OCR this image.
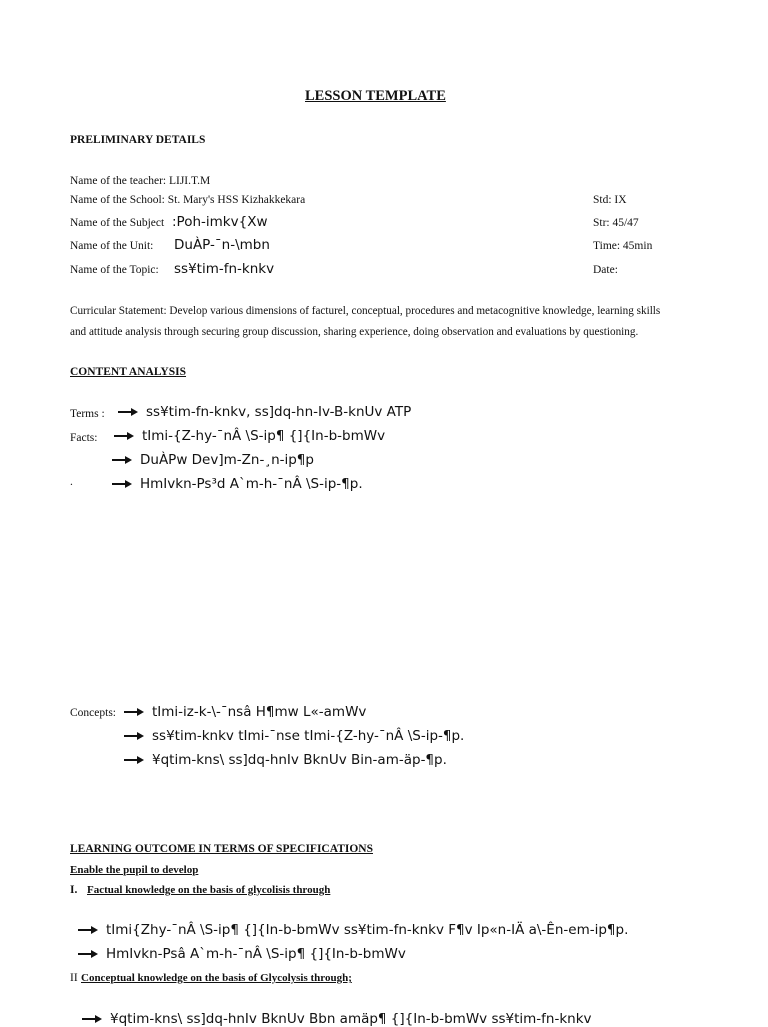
LESSON TEMPLATE
PRELIMINARY DETAILS
Name of the teacher: LIJI.T.M
Name of the School: St. Mary's HSS Kizhakkekara	Std: IX
Name of the Subject :Poh-imkv{Xw	Str: 45/47
Name of the Unit: DuÀP-¯n-\mbn	Time: 45min
Name of the Topic: ss¥tim-fn-knkv	Date:
Curricular Statement: Develop various dimensions of facturel, conceptual, procedures and metacognitive knowledge, learning skills
and attitude analysis through securing group discussion, sharing experience, doing observation and evaluations by questioning.
CONTENT ANALYSIS
Terms :	ss¥tim-fn-knkv, ss]dq-hn-Iv-B-knUv ATP
Facts:	tImi-{Z-hy-¯nÂ \S-ip¶ {]{In-b-bmWv
DuÀPw Dev]m-Zn-¸n-ip¶p
.	HmIvkn-Ps³d A`m-h-¯nÂ \S-ip-¶p.
Concepts:	tImi-iz-k-\-¯nsâ H¶mw L«-amWv
ss¥tim-knkv tImi-¯nse tImi-{Z-hy-¯nÂ \S-ip-¶p.
¥qtim-kns\ ss]dq-hnIv BknUv Bin-am-äp-¶p.
LEARNING OUTCOME IN TERMS OF SPECIFICATIONS
Enable the pupil to develop
I. Factual knowledge on the basis of glycolisis through
tImi{Zhy-¯nÂ \S-ip¶ {]{In-b-bmWv ss¥tim-fn-knkv F¶v Ip«n-IÄ a\-Ên-em-ip¶p.
HmIvkn-Psâ A`m-h-¯nÂ \S-ip¶ {]{In-b-bmWv
II Conceptual knowledge on the basis of Glycolysis through;
¥qtim-kns\ ss]dq-hnIv BknUv Bbn amäp¶ {]{In-b-bmWv ss¥tim-fn-knkv
